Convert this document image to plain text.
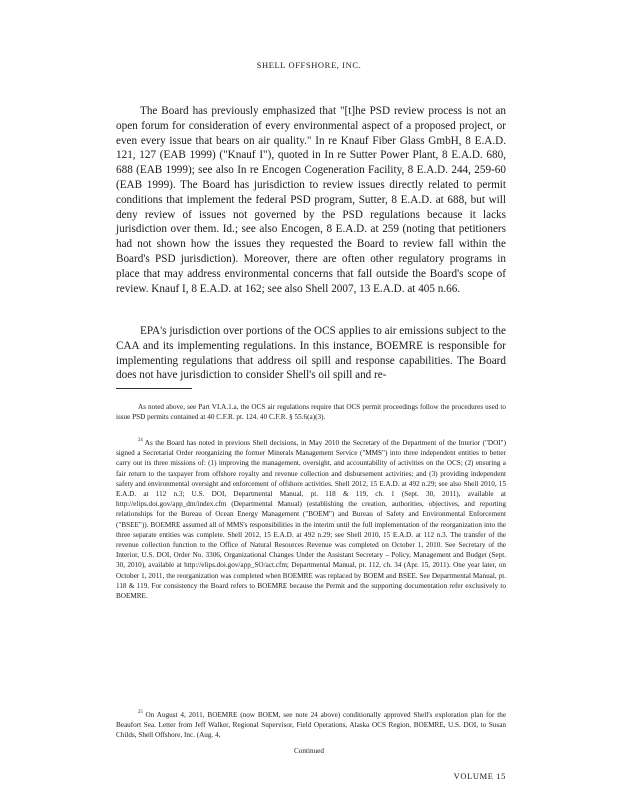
SHELL OFFSHORE, INC.

The Board has previously emphasized that "[t]he PSD review process is not an open forum for consideration of every environmental aspect of a proposed project, or even every issue that bears on air quality." In re Knauf Fiber Glass GmbH, 8 E.A.D. 121, 127 (EAB 1999) ("Knauf I"), quoted in In re Sutter Power Plant, 8 E.A.D. 680, 688 (EAB 1999); see also In re Encogen Cogeneration Facility, 8 E.A.D. 244, 259-60 (EAB 1999). The Board has jurisdiction to review issues directly related to permit conditions that implement the federal PSD program, Sutter, 8 E.A.D. at 688, but will deny review of issues not governed by the PSD regulations because it lacks jurisdiction over them. Id.; see also Encogen, 8 E.A.D. at 259 (noting that petitioners had not shown how the issues they requested the Board to review fall within the Board's PSD jurisdiction). Moreover, there are often other regulatory programs in place that may address environmental concerns that fall outside the Board's scope of review. Knauf I, 8 E.A.D. at 162; see also Shell 2007, 13 E.A.D. at 405 n.66.

EPA's jurisdiction over portions of the OCS applies to air emissions subject to the CAA and its implementing regulations. In this instance, BOEMRE is responsible for implementing regulations that address oil spill and response capabilities. The Board does not have jurisdiction to consider Shell's oil spill and re-

As noted above, see Part VI.A.1.a, the OCS air regulations require that OCS permit proceedings follow the procedures used to issue PSD permits contained at 40 C.F.R. pt. 124. 40 C.F.R. § 55.6(a)(3).

$^{24}$ As the Board has noted in previous Shell decisions, in May 2010 the Secretary of the Department of the Interior ("DOI") signed a Secretarial Order reorganizing the former Minerals Management Service ("MMS") into three independent entities to better carry out its three missions of: (1) improving the management, oversight, and accountability of activities on the OCS; (2) ensuring a fair return to the taxpayer from offshore royalty and revenue collection and disbursement activities; and (3) providing independent safety and environmental oversight and enforcement of offshore activities. Shell 2012, 15 E.A.D. at 492 n.29; see also Shell 2010, 15 E.A.D. at 112 n.3; U.S. DOI, Departmental Manual, pt. 118 & 119, ch. 1 (Sept. 30, 2011), available at http://elips.doi.gov/app_dm/index.cfm (Departmental Manual) (establishing the creation, authorities, objectives, and reporting relationships for the Bureau of Ocean Energy Management ("BOEM") and Bureau of Safety and Environmental Enforcement ("BSEE")). BOEMRE assumed all of MMS's responsibilities in the interim until the full implementation of the reorganization into the three separate entities was complete. Shell 2012, 15 E.A.D. at 492 n.29; see Shell 2010, 15 E.A.D. at 112 n.3. The transfer of the revenue collection function to the Office of Natural Resources Revenue was completed on October 1, 2010. See Secretary of the Interior, U.S. DOI, Order No. 3306, Organizational Changes Under the Assistant Secretary – Policy, Management and Budget (Sept. 30, 2010), available at http://elips.doi.gov/app_SO/act.cfm; Departmental Manual, pt. 112, ch. 34 (Apr. 15, 2011). One year later, on October 1, 2011, the reorganization was completed when BOEMRE was replaced by BOEM and BSEE. See Departmental Manual, pt. 118 & 119. For consistency the Board refers to BOEMRE because the Permit and the supporting documentation refer exclusively to BOEMRE.

$^{25}$ On August 4, 2011, BOEMRE (now BOEM, see note 24 above) conditionally approved Shell's exploration plan for the Beaufort Sea. Letter from Jeff Walker, Regional Supervisor, Field Operations, Alaska OCS Region, BOEMRE, U.S. DOI, to Susan Childs, Shell Offshore, Inc. (Aug. 4,

Continued
VOLUME 15
